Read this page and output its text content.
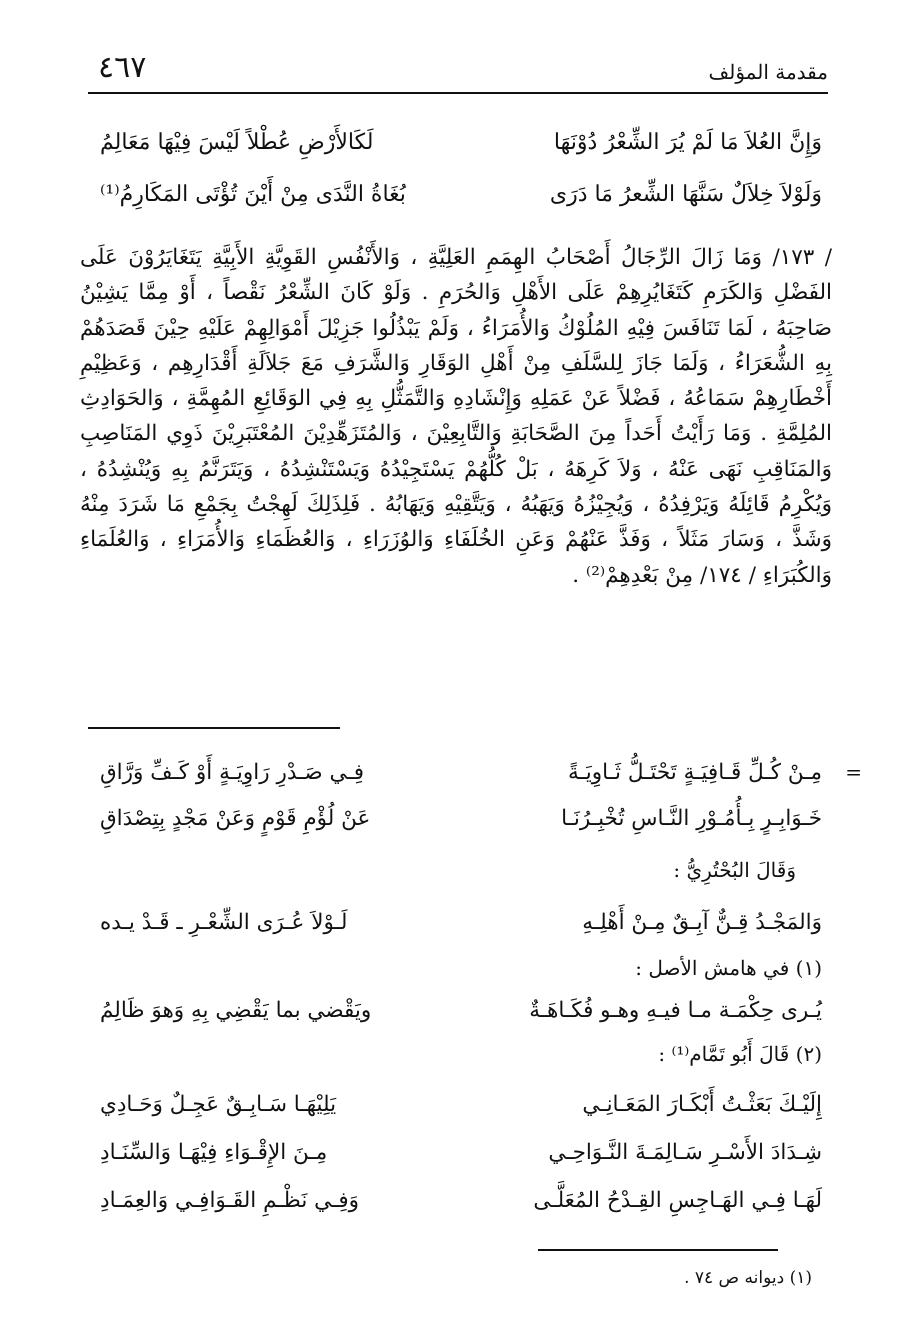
٤٦٧	مقدمة المؤلف
وَإِنَّ العُلاَ مَا لَمْ يُرَ الشِّعْرُ دُوْنَهَا
لَكَالأَرْضِ عُطْلاً لَيْسَ فِيْهَا مَعَالِمُ
وَلَوْلاَ خِلاَلٌ سَنَّهَا الشِّعرُ مَا دَرَى
بُغَاةُ النَّدَى مِنْ أَيْنَ تُؤْتَى المَكَارِمُ⁽¹⁾

/ ١٧٣/ وَمَا زَالَ الرِّجَالُ أَصْحَابُ الهِمَمِ العَلِيَّةِ ، وَالأَنْفُسِ القَوِيَّةِ الأَبِيَّةِ يَتَغَايَرُوْنَ عَلَى الفَضْلِ وَالكَرَمِ كَتَغَايُرِهِمْ عَلَى الأَهْلِ وَالحُرَمِ . وَلَوْ كَانَ الشِّعْرُ نَقْصاً ، أَوْ مِمَّا يَشِيْنُ صَاحِبَهُ ، لَمَا تَنَافَسَ فِيْهِ المُلُوْكُ وَالأُمَرَاءُ ، وَلَمْ يَبْذُلُوا جَزِيْلَ أَمْوَالِهِمْ عَلَيْهِ حِيْنَ قَصَدَهُمْ بِهِ الشُّعَرَاءُ ، وَلَمَا جَازَ لِلسَّلَفِ مِنْ أَهْلِ الوَقَارِ وَالشَّرَفِ مَعَ جَلاَلَةِ أَقْدَارِهِم ، وَعَظِيْمِ أَخْطَارِهِمْ سَمَاعُهُ ، فَضْلاً عَنْ عَمَلِهِ وَإِنْشَادِهِ وَالتَّمَثُّلِ بِهِ فِي الوَقَائِعِ المُهِمَّةِ ، وَالحَوَادِثِ المُلِمَّةِ . وَمَا رَأَيْتُ أَحَداً مِنَ الصَّحَابَةِ وَالتَّابِعِيْنَ ، وَالمُتَزَهِّدِيْنَ المُعْتَبَرِيْنَ ذَوِي المَنَاصِبِ وَالمَنَاقِبِ نَهَى عَنْهُ ، وَلاَ كَرِهَهُ ، بَلْ كُلُّهُمْ يَسْتَجِيْدُهُ وَيَسْتَنْشِدُهُ ، وَيَتَرَنَّمُ بِهِ وَيُنْشِدُهُ ، وَيُكْرِمُ قَائِلَهُ وَيَرْفِدُهُ ، وَيُجِيْزُهُ وَيَهَبُهُ ، وَيَتَّقِيْهِ وَيَهَابُهُ . فَلِذَلِكَ لَهِجْتُ بِجَمْعِ مَا شَرَدَ مِنْهُ وَشَذَّ ، وَسَارَ مَثَلاً ، وَفَذَّ عَنْهُمْ وَعَنِ الخُلَفَاءِ وَالوُزَرَاءِ ، وَالعُظَمَاءِ وَالأُمَرَاءِ ، وَالعُلَمَاءِ وَالكُبَرَاءِ / ١٧٤/ مِنْ بَعْدِهِمْ⁽²⁾ .

=
مِـنْ كُـلِّ قَـافِيَـةٍ تَحْتَـلُّ ثَـاوِيَـةً
فِـي صَـدْرِ رَاوِيَـةٍ أَوْ كَـفِّ وَرَّاقِ
خَـوَابِـرٍ بِـأُمُـوْرِ النَّـاسِ تُخْبِـرُنَـا
عَنْ لُؤْمِ قَوْمٍ وَعَنْ مَجْدٍ بِتِصْدَاقِ
وَقَالَ البُحْتُرِيُّ :
وَالمَجْـدُ قِـنٌّ آبِـقٌ مِـنْ أَهْلِـهِ
لَـوْلاَ عُـرَى الشِّعْـرِ ـ قَـدْ يـده
(١) في هامش الأصل :
يُـرى حِكْمَـة مـا فيـهِ وهـو فُكَـاهَـةٌ
ويَقْضي بما يَقْضِي بِهِ وَهوَ ظَالِمُ
(٢) قَالَ أَبُو تَمَّام⁽¹⁾ :
إِلَيْـكَ بَعَثْـتُ أَبْكَـارَ المَعَـانِـي
يَلِيْهَـا سَـابِـقٌ عَجِـلٌ وَحَـادِي
شِـدَادَ الأَسْـرِ سَـالِمَـةَ النَّـوَاحِـي
مِـنَ الإِقْـوَاءِ فِيْهَـا وَالسِّنَـادِ
لَهَـا فِـي الهَـاجِسِ القِـدْحُ المُعَلَّـى
وَفِـي نَظْـمِ القَـوَافِـي وَالعِمَـادِ
(١) ديوانه ص ٧٤ .
